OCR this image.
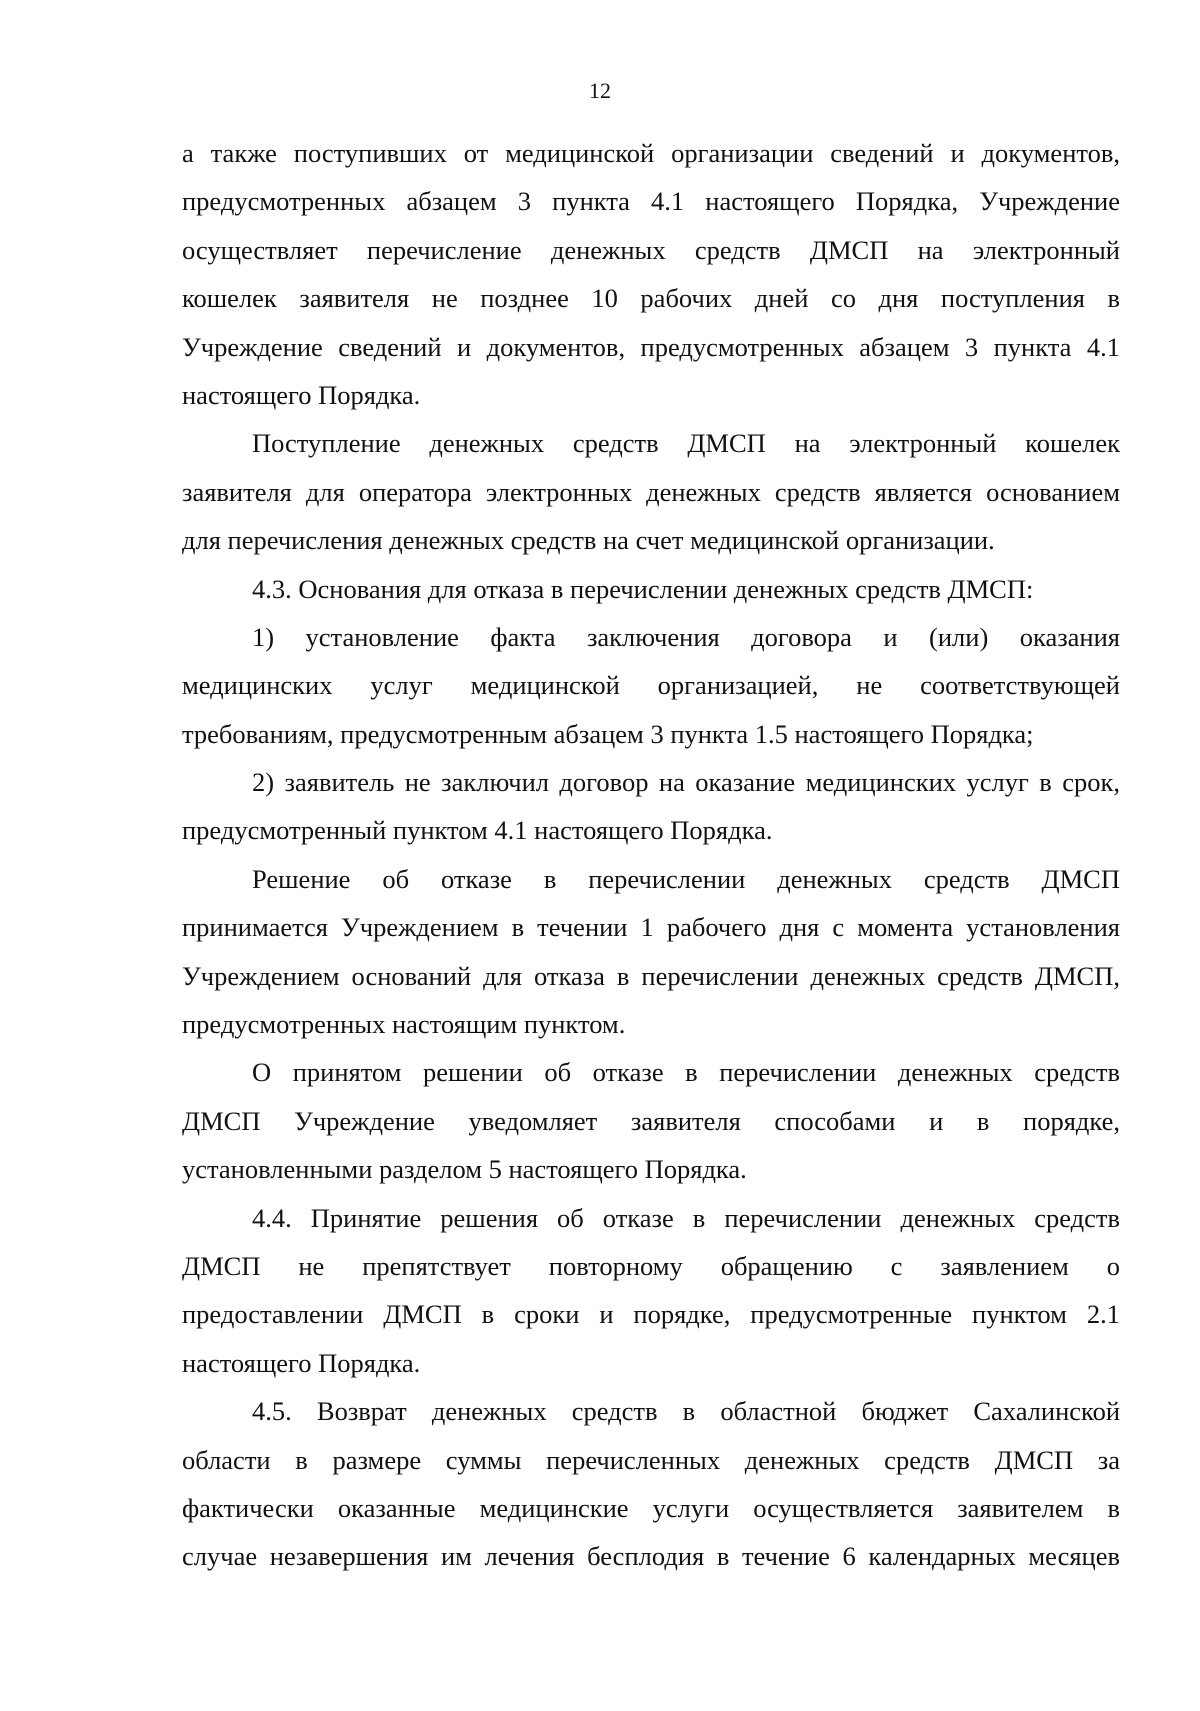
12
а также поступивших от медицинской организации сведений и документов,
предусмотренных абзацем 3 пункта 4.1 настоящего Порядка, Учреждение
осуществляет перечисление денежных средств ДМСП на электронный
кошелек заявителя не позднее 10 рабочих дней со дня поступления в
Учреждение сведений и документов, предусмотренных абзацем 3 пункта 4.1
настоящего Порядка.
Поступление денежных средств ДМСП на электронный кошелек
заявителя для оператора электронных денежных средств является основанием
для перечисления денежных средств на счет медицинской организации.
4.3. Основания для отказа в перечислении денежных средств ДМСП:
1) установление факта заключения договора и (или) оказания
медицинских услуг медицинской организацией, не соответствующей
требованиям, предусмотренным абзацем 3 пункта 1.5 настоящего Порядка;
2) заявитель не заключил договор на оказание медицинских услуг в срок,
предусмотренный пунктом 4.1 настоящего Порядка.
Решение об отказе в перечислении денежных средств ДМСП
принимается Учреждением в течении 1 рабочего дня с момента установления
Учреждением оснований для отказа в перечислении денежных средств ДМСП,
предусмотренных настоящим пунктом.
О принятом решении об отказе в перечислении денежных средств
ДМСП Учреждение уведомляет заявителя способами и в порядке,
установленными разделом 5 настоящего Порядка.
4.4. Принятие решения об отказе в перечислении денежных средств
ДМСП не препятствует повторному обращению с заявлением о
предоставлении ДМСП в сроки и порядке, предусмотренные пунктом 2.1
настоящего Порядка.
4.5. Возврат денежных средств в областной бюджет Сахалинской
области в размере суммы перечисленных денежных средств ДМСП за
фактически оказанные медицинские услуги осуществляется заявителем в
случае незавершения им лечения бесплодия в течение 6 календарных месяцев
